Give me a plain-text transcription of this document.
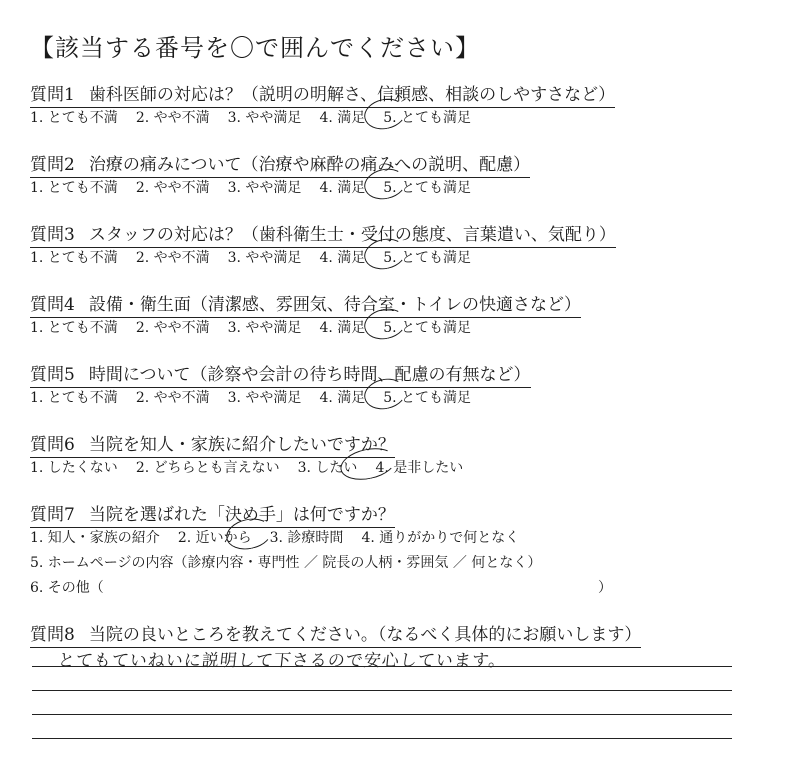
【該当する番号を〇で囲んでください】
質問1 歯科医師の対応は？（説明の明解さ、信頼感、相談のしやすさなど）
1. とても不満 2. やや不満 3. やや満足 4. 満足 5. とても満足
質問2 治療の痛みについて（治療や麻酔の痛みへの説明、配慮）
1. とても不満 2. やや不満 3. やや満足 4. 満足 5. とても満足
質問3 スタッフの対応は？（歯科衛生士・受付の態度、言葉遣い、気配り）
1. とても不満 2. やや不満 3. やや満足 4. 満足 5. とても満足
質問4 設備・衛生面（清潔感、雰囲気、待合室・トイレの快適さなど）
1. とても不満 2. やや不満 3. やや満足 4. 満足 5. とても満足
質問5 時間について（診察や会計の待ち時間、配慮の有無など）
1. とても不満 2. やや不満 3. やや満足 4. 満足 5. とても満足
質問6 当院を知人・家族に紹介したいですか？
1. したくない 2. どちらとも言えない 3. したい 4. 是非したい
質問7 当院を選ばれた「決め手」は何ですか？
1. 知人・家族の紹介 2. 近いから 3. 診療時間 4. 通りがかりで何となく
5. ホームページの内容（診療内容・専門性 ／ 院長の人柄・雰囲気 ／ 何となく）
6. その他（	）
質問8 当院の良いところを教えてください。（なるべく具体的にお願いします）
とてもていねいに説明して下さるので安心しています。
